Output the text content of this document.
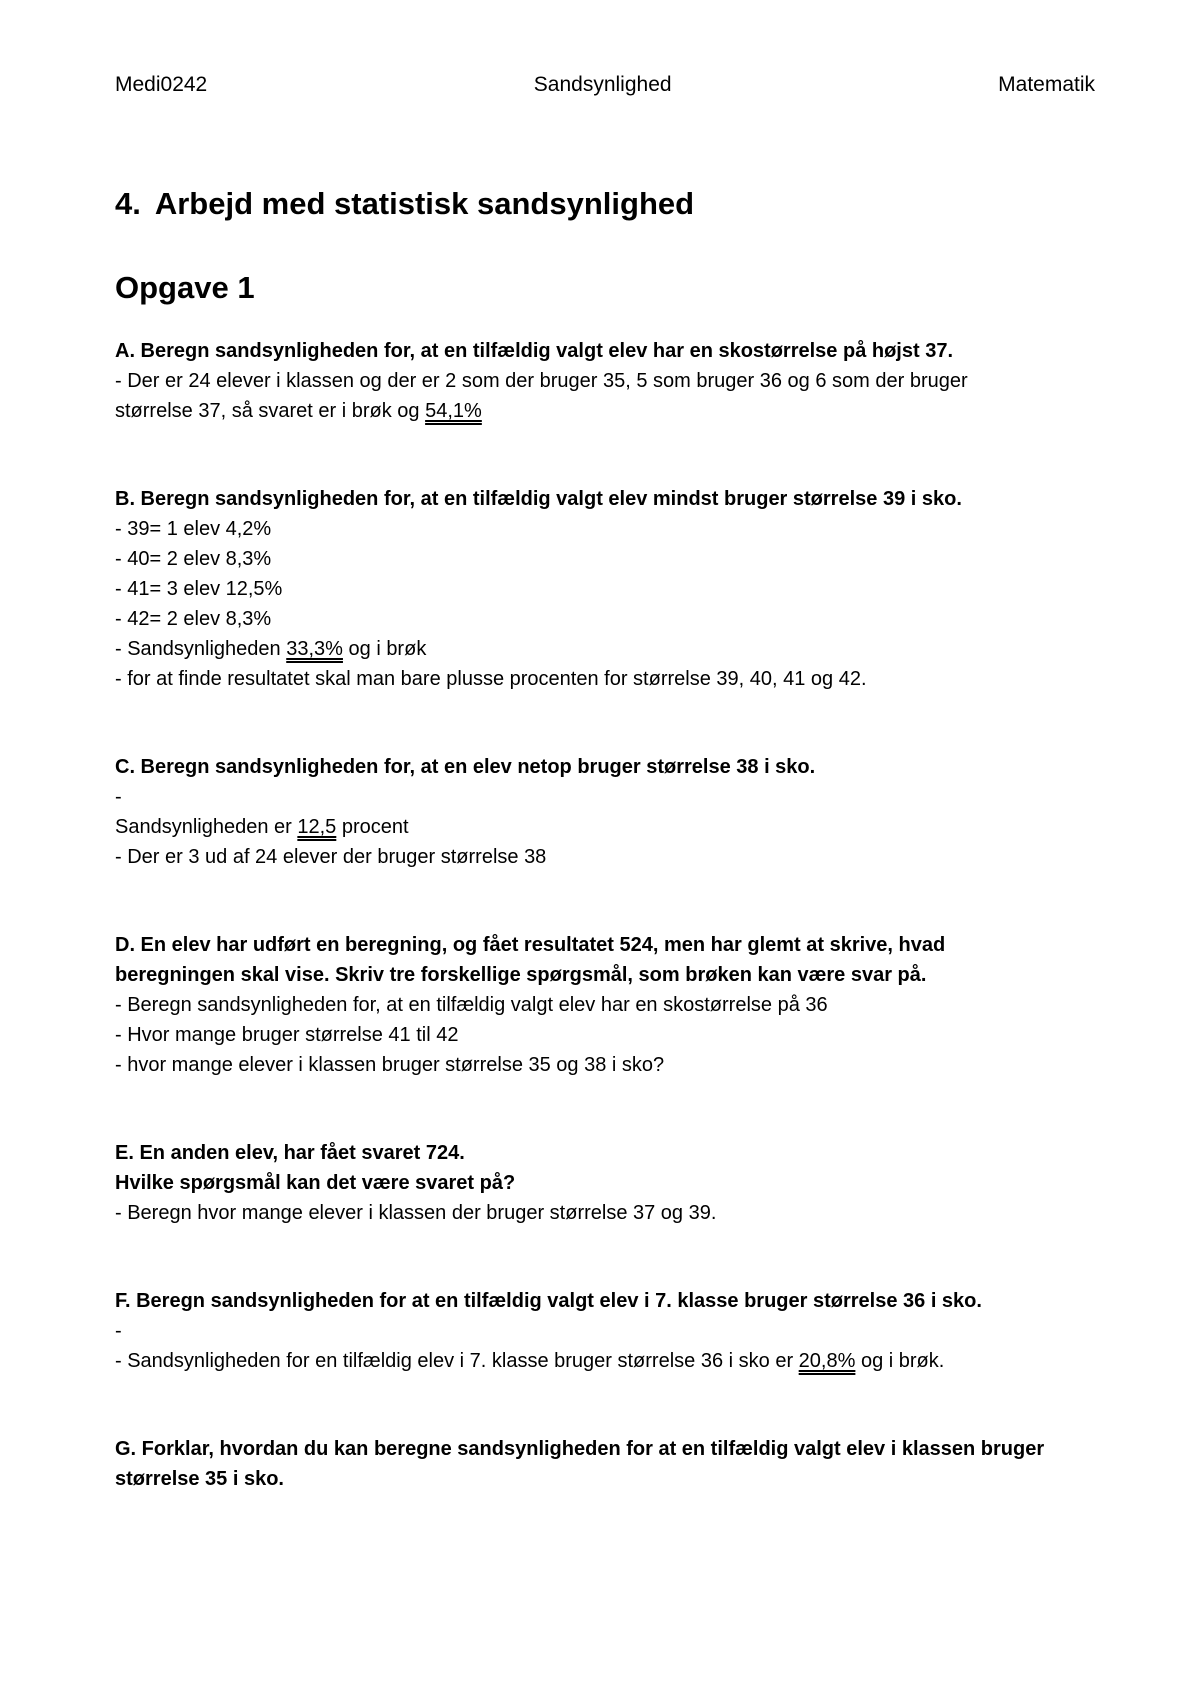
Medi0242	Sandsynlighed	Matematik
4. Arbejd med statistisk sandsynlighed
Opgave 1
A. Beregn sandsynligheden for, at en tilfældig valgt elev har en skostørrelse på højst 37.
- Der er 24 elever i klassen og der er 2 som der bruger 35, 5 som bruger 36 og 6 som der bruger
størrelse 37, så svaret er i brøk og 54,1%
B. Beregn sandsynligheden for, at en tilfældig valgt elev mindst bruger størrelse 39 i sko.
- 39= 1 elev 4,2%
- 40= 2 elev 8,3%
- 41= 3 elev 12,5%
- 42= 2 elev 8,3%
- Sandsynligheden 33,3% og i brøk
- for at finde resultatet skal man bare plusse procenten for størrelse 39, 40, 41 og 42.
C. Beregn sandsynligheden for, at en elev netop bruger størrelse 38 i sko.
-
Sandsynligheden er 12,5 procent
- Der er 3 ud af 24 elever der bruger størrelse 38
D. En elev har udført en beregning, og fået resultatet 524, men har glemt at skrive, hvad
beregningen skal vise. Skriv tre forskellige spørgsmål, som brøken kan være svar på.
- Beregn sandsynligheden for, at en tilfældig valgt elev har en skostørrelse på 36
- Hvor mange bruger størrelse 41 til 42
- hvor mange elever i klassen bruger størrelse 35 og 38 i sko?
E. En anden elev, har fået svaret 724.
Hvilke spørgsmål kan det være svaret på?
- Beregn hvor mange elever i klassen der bruger størrelse 37 og 39.
F. Beregn sandsynligheden for at en tilfældig valgt elev i 7. klasse bruger størrelse 36 i sko.
-
- Sandsynligheden for en tilfældig elev i 7. klasse bruger størrelse 36 i sko er 20,8% og i brøk.
G. Forklar, hvordan du kan beregne sandsynligheden for at en tilfældig valgt elev i klassen bruger
størrelse 35 i sko.
